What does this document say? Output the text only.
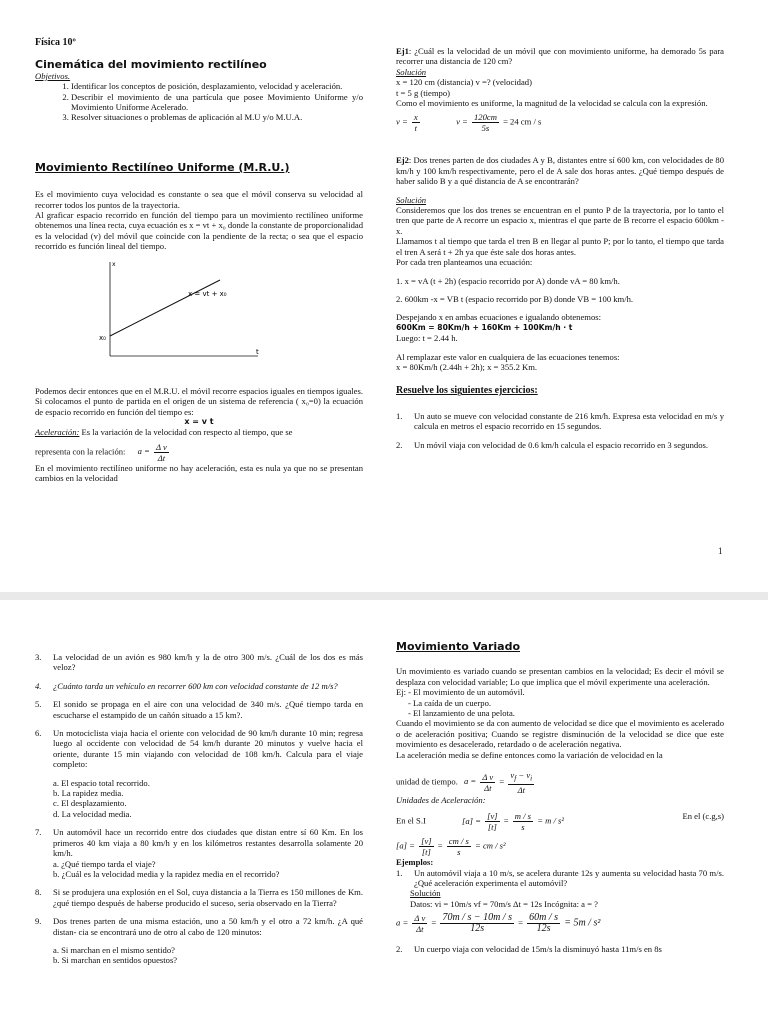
Física 10º

Cinemática del movimiento rectilíneo

Objetivos.

1. Identificar los conceptos de posición, desplazamiento, velocidad y aceleración.
2. Describir el movimiento de una partícula que posee Movimiento Uniforme y/o Movimiento Uniforme Acelerado.
3. Resolver situaciones o problemas de aplicación al M.U y/o M.U.A.

Movimiento Rectilíneo Uniforme (M.R.U.)

Es el movimiento cuya velocidad es constante o sea que el móvil conserva su velocidad al recorrer todos los puntos de la trayectoria.

Al graficar espacio recorrido en función del tiempo para un movimiento rectilíneo uniforme obtenemos una línea recta, cuya ecuación es x = vt + x₀ donde la constante de proporcionalidad es la velocidad (v) del móvil que coincide con la pendiente de la recta; o sea que el espacio recorrido es función lineal del tiempo.

x
t
x = vt + x₀
x₀

Podemos decir entonces que en el M.R.U. el móvil recorre espacios iguales en tiempos iguales. Si colocamos el punto de partida en el origen de un sistema de referencia ( x₀=0) la ecuación de espacio recorrido en función del tiempo es:

x = v t

Aceleración: Es la variación de la velocidad con respecto al tiempo, que se

representa con la relación: $a = \frac{\text{Δ v}}{\Delta t}$

En el movimiento rectilíneo uniforme no hay aceleración, esta es nula ya que no se presentan cambios en la velocidad

Ej1: ¿Cuál es la velocidad de un móvil que con movimiento uniforme, ha demorado 5s para recorrer una distancia de 120 cm?

Solución

x = 120 cm (distancia) v =? (velocidad)

t = 5 g (tiempo)

Como el movimiento es uniforme, la magnitud de la velocidad se calcula con la expresión.

$v = \frac{x}{t}$	$v = \frac{120cm}{5s} = 24$ cm / s

Ej2: Dos trenes parten de dos ciudades A y B, distantes entre sí 600 km, con velocidades de 80 km/h y 100 km/h respectivamente, pero el de A sale dos horas antes. ¿Qué tiempo después de haber salido B y a qué distancia de A se encontrarán?

Solución

Consideremos que los dos trenes se encuentran en el punto P de la trayectoria, por lo tanto el tren que parte de A recorre un espacio x, mientras el que parte de B recorre el espacio 600km - x.

Llamamos t al tiempo que tarda el tren B en llegar al punto P; por lo tanto, el tiempo que tarda el tren A será t + 2h ya que éste sale dos horas antes.

Por cada tren planteamos una ecuación:

1. x = vA (t + 2h) (espacio recorrido por A) donde vA = 80 km/h.

2. 600km -x = VB t (espacio recorrido por B) donde VB = 100 km/h.

Despejando x en ambas ecuaciones e igualando obtenemos:

600Km = 80Km/h + 160Km + 100Km/h · t

Luego: t = 2.44 h.

Al remplazar este valor en cualquiera de las ecuaciones tenemos:

x = 80Km/h (2.44h + 2h); x = 355.2 Km.

Resuelve los siguientes ejercicios:

1.	Un auto se mueve con velocidad constante de 216 km/h. Expresa esta velocidad en m/s y calcula en metros el espacio recorrido en 15 segundos.
2.	Un móvil viaja con velocidad de 0.6 km/h calcula el espacio recorrido en 3 segundos.
1
3.	La velocidad de un avión es 980 km/h y la de otro 300 m/s. ¿Cuál de los dos es más veloz?
4.	¿Cuánto tarda un vehículo en recorrer 600 km con velocidad constante de 12 m/s?
5.	El sonido se propaga en el aire con una velocidad de 340 m/s. ¿Qué tiempo tarda en escucharse el estampido de un cañón situado a 15 km?.
6.	Un motociclista viaja hacia el oriente con velocidad de 90 km/h durante 10 min; regresa luego al occidente con velocidad de 54 km/h durante 20 minutos y vuelve hacia el oriente, durante 15 min viajando con velocidad de 108 km/h. Calcula para el viaje completo:

a. El espacio total recorrido.

b. La rapidez media.

c. El desplazamiento.

d. La velocidad media.

7.	Un automóvil hace un recorrido entre dos ciudades que distan entre sí 60 Km. En los primeros 40 km viaja a 80 km/h y en los kilómetros restantes desarrolla solamente 20 km/h.

a. ¿Qué tiempo tarda el viaje?

b. ¿Cuál es la velocidad media y la rapidez media en el recorrido?

8.	Si se produjera una explosión en el Sol, cuya distancia a la Tierra es 150 millones de Km. ¿qué tiempo después de haberse producido el suceso, seria observado en la Tierra?
9.	Dos trenes parten de una misma estación, uno a 50 km/h y el otro a 72 km/h. ¿A qué distan- cia se encontrará uno de otro al cabo de 120 minutos:

a. Si marchan en el mismo sentido?

b. Si marchan en sentidos opuestos?

Movimiento Variado

Un movimiento es variado cuando se presentan cambios en la velocidad; Es decir el móvil se desplaza con velocidad variable; Lo que implica que el móvil experimente una aceleración.

Ej: - El movimiento de un automóvil.

- La caída de un cuerpo.

- El lanzamiento de una pelota.

Cuando el movimiento se da con aumento de velocidad se dice que el movimiento es acelerado o de aceleración positiva; Cuando se registre disminución de la velocidad se dice que este movimiento es desacelerado, retardado o de aceleración negativa.

La aceleración media se define entonces como la variación de velocidad en la

unidad de tiempo. $a = \frac{\text{Δ v}}{\Delta t} = \frac{v_f - v_i}{\Delta t}$

Unidades de Aceleración:

En el S.I	$[a] = \frac{[v]}{[t]} = \frac{m / s}{s} = m / s^2$	En el (c.g,s)

$[a] = \frac{[v]}{[t]} = \frac{cm / s}{s}$ = cm / s²

Ejemplos:

1.	Un automóvil viaja a 10 m/s, se acelera durante 12s y aumenta su velocidad hasta 70 m/s. ¿Qué aceleración experimenta el automóvil?

Solución

Datos: vi = 10m/s vf = 70m/s Δt = 12s Incógnita: a = ?

$a = \frac{\text{Δ v}}{\Delta t} = \frac{70m / s - 10m / s}{12s} = \frac{60m / s}{12s} = 5m / s^2$

2.	Un cuerpo viaja con velocidad de 15m/s la disminuyó hasta 11m/s en 8s
